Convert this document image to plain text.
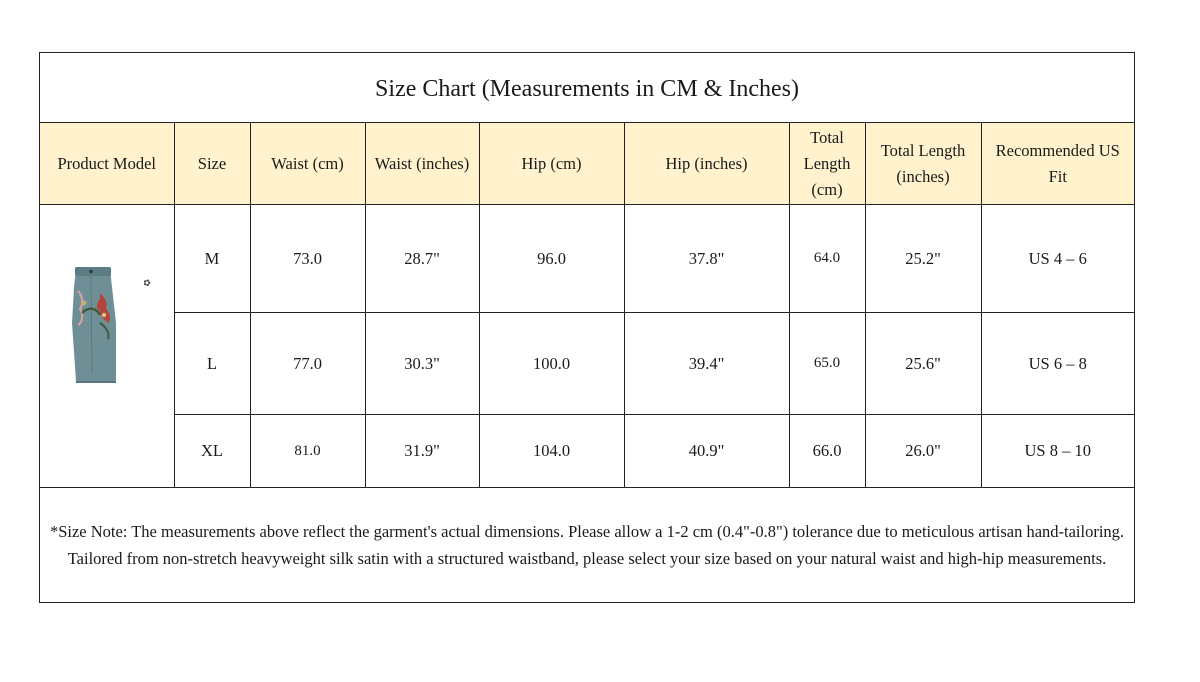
Size Chart (Measurements in CM & Inches)
Product Model	Size	Waist (cm)	Waist (inches)	Hip (cm)	Hip (inches)	Total Length (cm)	Total Length (inches)	Recommended US Fit

✿	M	73.0	28.7"	96.0	37.8"	64.0	25.2"	US 4 – 6
	L	77.0	30.3"	100.0	39.4"	65.0	25.6"	US 6 – 8
	XL	81.0	31.9"	104.0	40.9"	66.0	26.0"	US 8 – 10
*Size Note: The measurements above reflect the garment's actual dimensions. Please allow a 1-2 cm (0.4"-0.8") tolerance due to meticulous artisan hand-tailoring. Tailored from non-stretch heavyweight silk satin with a structured waistband, please select your size based on your natural waist and high-hip measurements.
